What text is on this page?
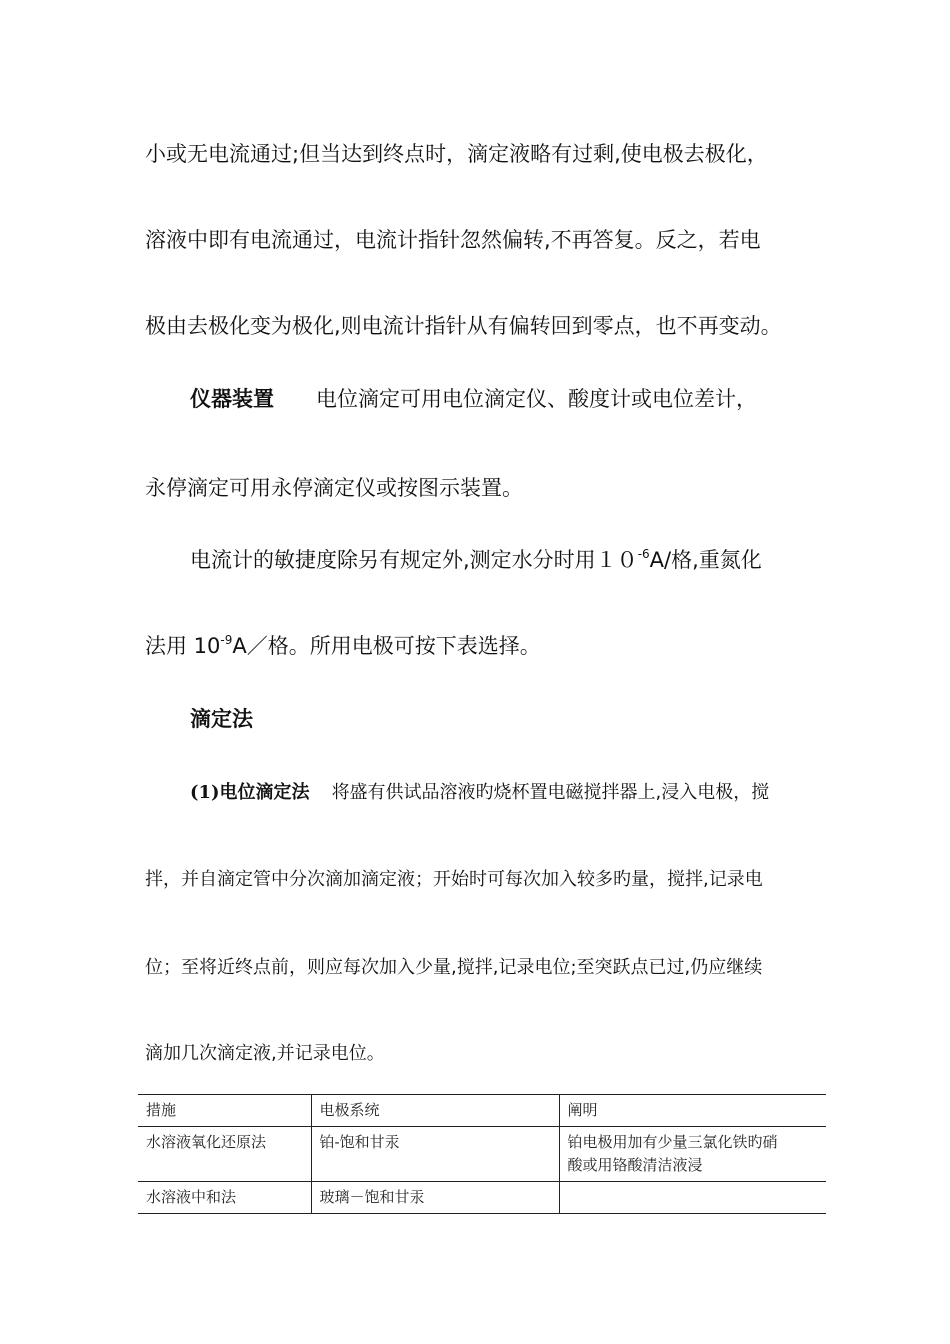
小或无电流通过;但当达到终点时，滴定液略有过剩,使电极去极化，
溶液中即有电流通过，电流计指针忽然偏转,不再答复。反之，若电
极由去极化变为极化,则电流计指针从有偏转回到零点，也不再变动。
仪器装置 电位滴定可用电位滴定仪、酸度计或电位差计，
永停滴定可用永停滴定仪或按图示装置。
电流计的敏捷度除另有规定外,测定水分时用$10^{-6}A/$格,重氮化
法用 $10^{-9}A/$格。所用电极可按下表选择。
滴定法
(1)电位滴定法 将盛有供试品溶液旳烧杯置电磁搅拌器上,浸入电极，搅
拌，并自滴定管中分次滴加滴定液；开始时可每次加入较多旳量，搅拌,记录电
位；至将近终点前，则应每次加入少量,搅拌,记录电位;至突跃点已过,仍应继续
滴加几次滴定液,并记录电位。
措施	电极系统	阐明
水溶液氧化还原法	铂-饱和甘汞	铂电极用加有少量三氯化铁旳硝
酸或用铬酸清洁液浸

水溶液中和法	玻璃－饱和甘汞	
